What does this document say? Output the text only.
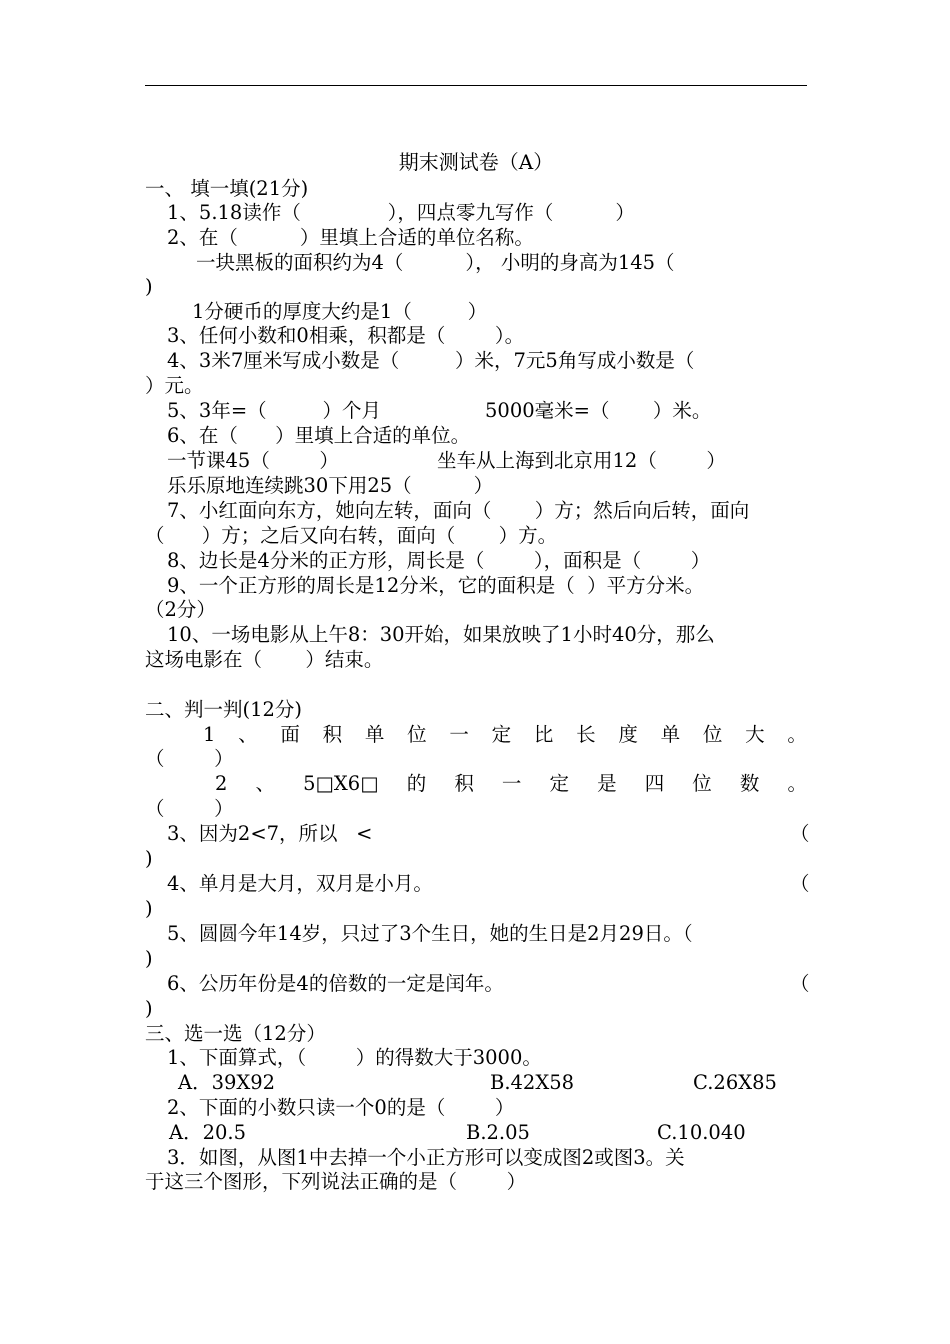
期末测试卷（A）
一、 填一填(21分)
1、5.18读作（              ），四点零九写作（          ）
2、在（          ）里填上合适的单位名称。
一块黑板的面积约为4（          ）， 小明的身高为145（
)
1分硬币的厚度大约是1（         ）
3、任何小数和0相乘，积都是（        ）。
4、3米7厘米写成小数是（         ）米，7元5角写成小数是（
）元。
5、3年=（         ）个月	5000毫米=（       ）米。
6、在（      ）里填上合适的单位。
一节课45（        ）	坐车从上海到北京用12（        ）
乐乐原地连续跳30下用25（          ）
7、小红面向东方，她向左转，面向（       ）方；然后向后转，面向
（      ）方；之后又向右转，面向（       ）方。
8、边长是4分米的正方形，周长是（        ），面积是（        ）
9、一个正方形的周长是12分米，它的面积是（  ）平方分米。
（2分）
10、一场电影从上午8：30开始，如果放映了1小时40分，那么
这场电影在（       ）结束。
二、判一判(12分)
1 、 面 积 单 位 一 定 比 长 度 单 位 大 。
（        ）
2 、 5□X6□ 的 积 一 定 是 四 位 数 。
（        ）
3、因为2<7，所以   <	（
)
4、单月是大月，双月是小月。	（
)
5、圆圆今年14岁，只过了3个生日，她的生日是2月29日。（
)
6、公历年份是4的倍数的一定是闰年。	（
)
三、选一选（12分）
1、下面算式，（        ）的得数大于3000。
A．39X92	B.42X58	C.26X85
2、下面的小数只读一个0的是（        ）
A．20.5	B.2.05	C.10.040
3．如图，从图1中去掉一个小正方形可以变成图2或图3。关
于这三个图形，下列说法正确的是（        ）
